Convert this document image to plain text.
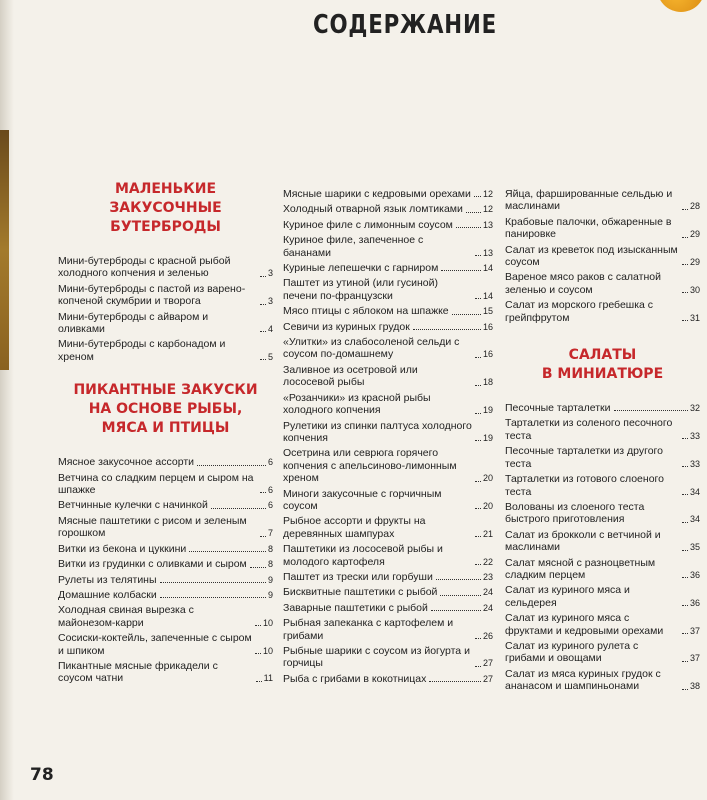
СОДЕРЖАНИЕ
МАЛЕНЬКИЕ
ЗАКУСОЧНЫЕ
БУТЕРБРОДЫ
Мини-бутерброды с красной рыбой холодного копчения и зеленью	3
Мини-бутерброды с пастой из варено-копченой скумбрии и творога	3
Мини-бутерброды с айваром и оливками	4
Мини-бутерброды с карбонадом и хреном	5
ПИКАНТНЫЕ ЗАКУСКИ
НА ОСНОВЕ РЫБЫ,
МЯСА И ПТИЦЫ
Мясное закусочное ассорти	6
Ветчина со сладким перцем и сыром на шпажке	6
Ветчинные кулечки с начинкой	6
Мясные паштетики с рисом и зеленым горошком	7
Витки из бекона и цуккини	8
Витки из грудинки с оливками и сыром 8
Рулеты из телятины	9
Домашние колбаски	9
Холодная свиная вырезка с майонезом-карри	10
Сосиски-коктейль, запеченные с сыром и шпиком	10
Пикантные мясные фрикадели с соусом чатни	11
Мясные шарики с кедровыми орехами 12
Холодный отварной язык ломтиками 12
Куриное филе с лимонным соусом	13
Куриное филе, запеченное с бананами	13
Куриные лепешечки с гарниром	14
Паштет из утиной (или гусиной) печени по-французски	14
Мясо птицы с яблоком на шпажке	15
Севичи из куриных грудок	16
«Улитки» из слабосоленой сельди с соусом по-домашнему	16
Заливное из осетровой или лососевой рыбы	18
«Розанчики» из красной рыбы холодного копчения	19
Рулетики из спинки палтуса холодного копчения	19
Осетрина или севрюга горячего копчения с апельсиново-лимонным хреном	20
Миноги закусочные с горчичным соусом	20
Рыбное ассорти и фрукты на деревянных шампурах	21
Паштетики из лососевой рыбы и молодого картофеля	22
Паштет из трески или горбуши	23
Бисквитные паштетики с рыбой	24
Заварные паштетики с рыбой	24
Рыбная запеканка с картофелем и грибами	26
Рыбные шарики с соусом из йогурта и горчицы	27
Рыба с грибами в кокотницах	27
Яйца, фаршированные сельдью и маслинами	28
Крабовые палочки, обжаренные в панировке	29
Салат из креветок под изысканным соусом	29
Вареное мясо раков с салатной зеленью и соусом	30
Салат из морского гребешка с грейпфрутом	31
САЛАТЫ
В МИНИАТЮРЕ
Песочные тарталетки	32
Тарталетки из соленого песочного теста	33
Песочные тарталетки из другого теста	33
Тарталетки из готового слоеного теста	34
Волованы из слоеного теста быстрого приготовления	34
Салат из брокколи с ветчиной и маслинами	35
Салат мясной с разноцветным сладким перцем	36
Салат из куриного мяса и сельдерея	36
Салат из куриного мяса с фруктами и кедровыми орехами	37
Салат из куриного рулета с грибами и овощами	37
Салат из мяса куриных грудок с ананасом и шампиньонами	38
78
